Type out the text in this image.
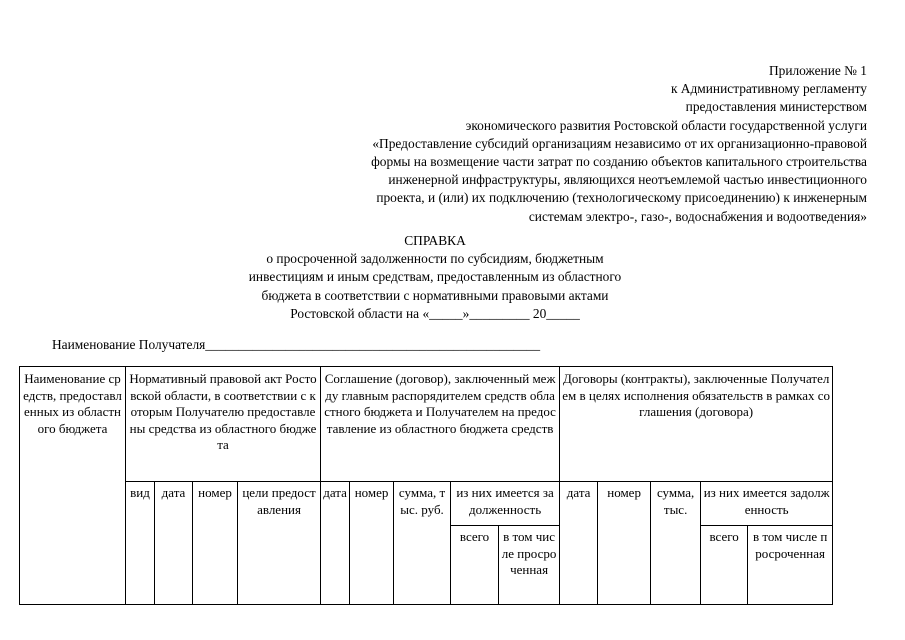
Приложение № 1
к Административному регламенту
предоставления министерством
экономического развития Ростовской области государственной услуги
«Предоставление субсидий организациям независимо от их организационно-правовой
формы на возмещение части затрат по созданию объектов капитального строительства
инженерной инфраструктуры, являющихся неотъемлемой частью инвестиционного
проекта, и (или) их подключению (технологическому присоединению) к инженерным
системам электро-, газо-, водоснабжения и водоотведения»
СПРАВКА
о просроченной задолженности по субсидиям, бюджетным
инвестициям и иным средствам, предоставленным из областного
бюджета в соответствии с нормативными правовыми актами
Ростовской области на «_____»_________ 20_____
Наименование Получателя__________________________________________________
Наименование средств, предоставленных из областного бюджета	Нормативный правовой акт Ростовской области, в соответствии с которым Получателю предоставлены средства из областного бюджета				Соглашение (договор), заключенный между главным распорядителем средств областного бюджета и Получателем на предоставление из областного бюджета средств					Договоры (контракты), заключенные Получателем в целях исполнения обязательств в рамках соглашения (договора)				
	вид	дата	номер	цели предоставления	дата	номер	сумма, тыс. руб.	из них имеется задолженность		дата	номер	сумма, тыс.	из них имеется задолженность	
								всего	в том числе просроченная				всего	в том числе просроченная
